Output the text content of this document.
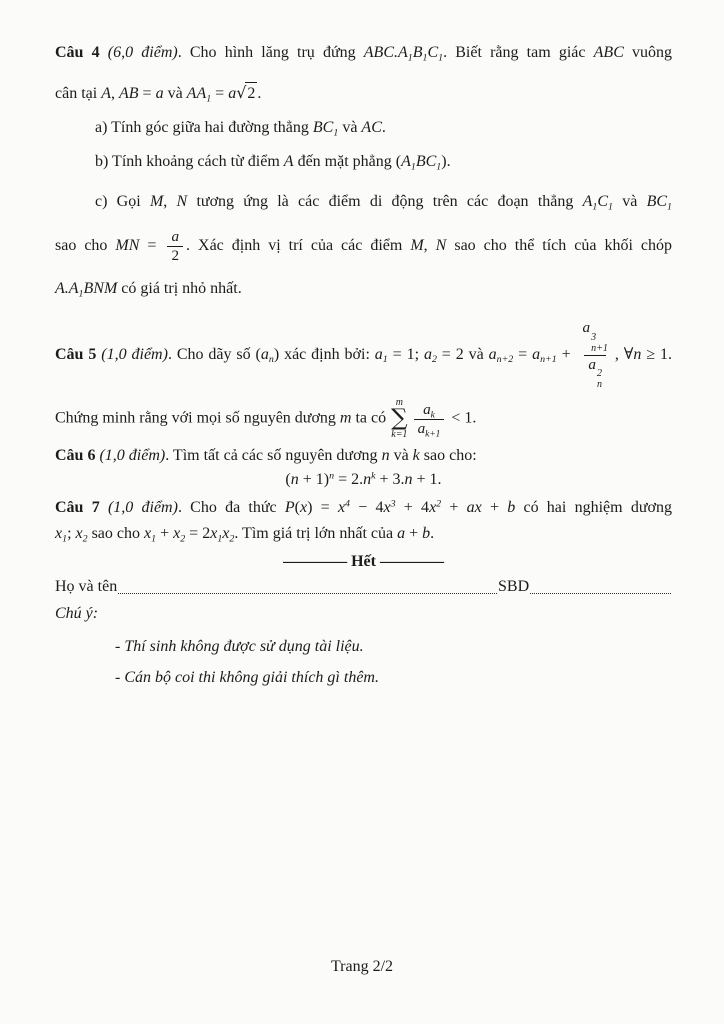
Câu 4 (6,0 điểm). Cho hình lăng trụ đứng $ABC.A_1B_1C_1$. Biết rằng tam giác ABC vuông
cân tại A, AB = a và $AA_1 = a√2$ .
a) Tính góc giữa hai đường thẳng $BC_1$ và AC.
b) Tính khoảng cách từ điểm A đến mặt phẳng $(A_1BC_1)$.
c) Gọi M, N tương ứng là các điểm di động trên các đoạn thẳng $A_1C_1$ và $BC_1$
sao cho MN = $\frac{a}{2}$ . Xác định vị trí của các điểm M, N sao cho thể tích của khối chóp
$A.A_1BNM$ có giá trị nhỏ nhất.
Câu 5 (1,0 điểm). Cho dãy số $(a_n)$ xác định bởi: $a_1 = 1$; $a_2 = 2$ và $a_{n+2} = a_{n+1} + a$
3
n+1
a
2
n , ∀n ≥ 1.
Chứng minh rằng với mọi số nguyên dương m ta có
m
∑
$k=1 \frac{a_k}{a_{k+1}} < 1$.
Câu 6 (1,0 điểm). Tìm tất cả các số nguyên dương n và k sao cho:
$(n + 1)^n = 2.n^k + 3.n + 1$.
Câu 7 (1,0 điểm). Cho đa thức $P(x) = x^4 - 4x^3 + 4x^2$ + ax + b có hai nghiệm dương
$x_1$; $x_2$ sao cho $x_1 + x_2 = 2x_1x_2$. Tìm giá trị lớn nhất của a + b.
———— Hết ————
Họ và tên	SBD
Chú ý:
- Thí sinh không được sử dụng tài liệu.
- Cán bộ coi thi không giải thích gì thêm.
Trang 2/2
